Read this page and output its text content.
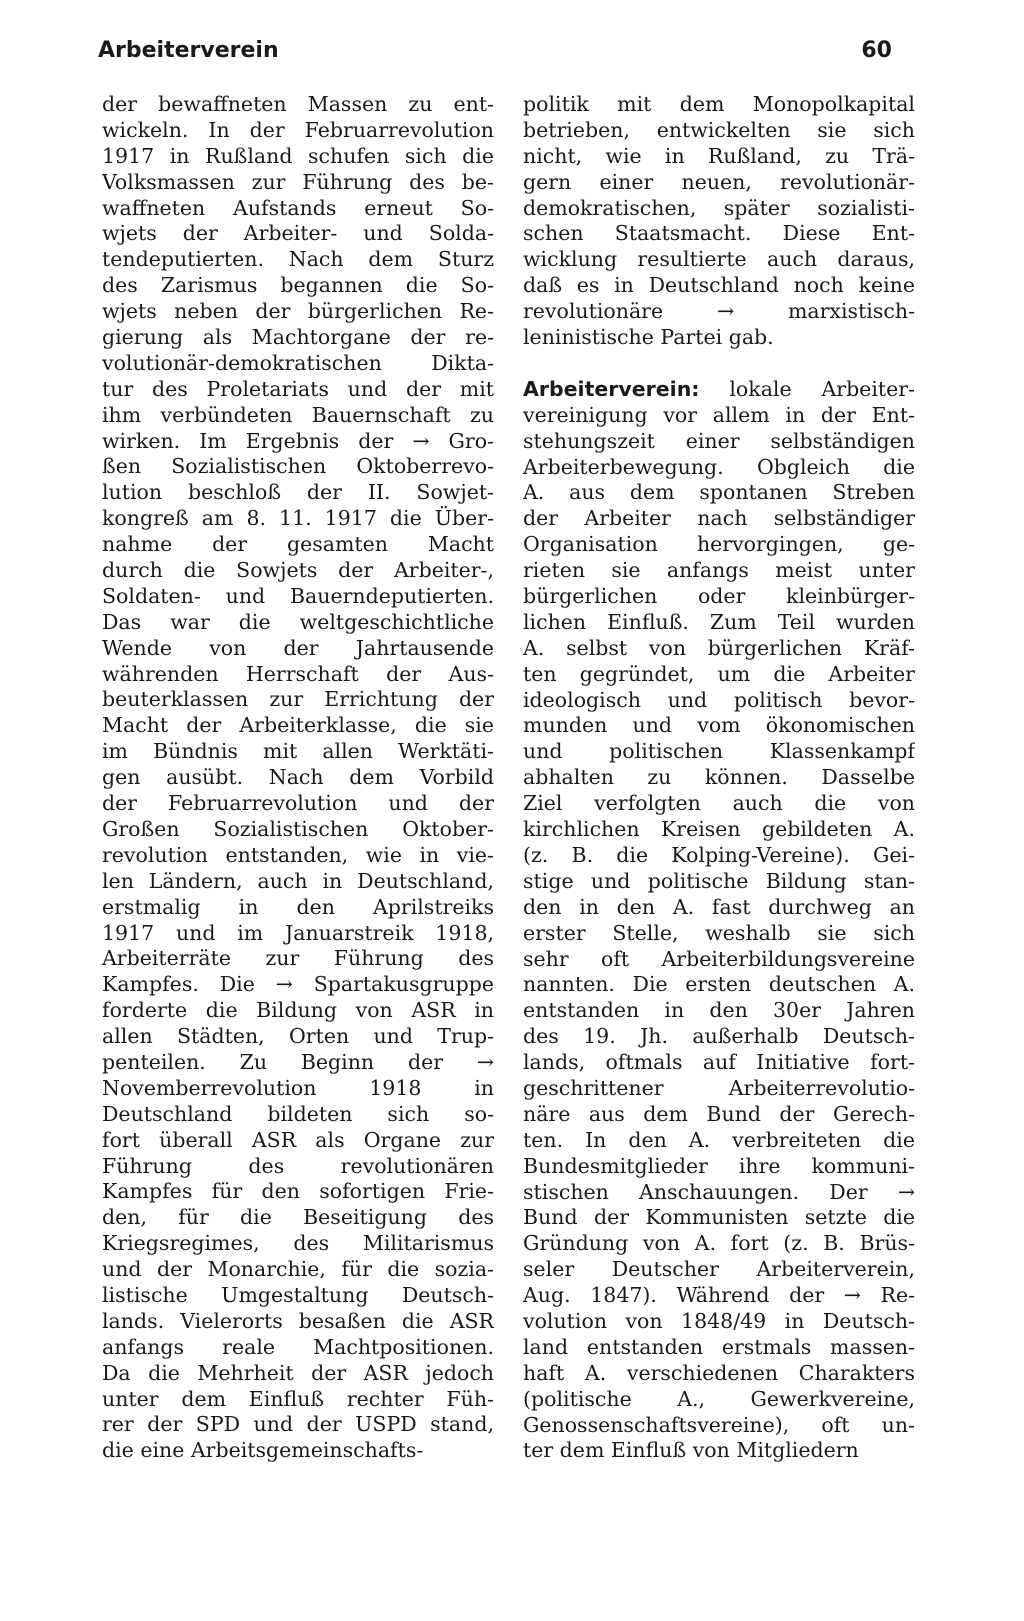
Arbeiterverein	60
der bewaffneten Massen zu ent-
wickeln. In der Februarrevolution
1917 in Rußland schufen sich die
Volksmassen zur Führung des be-
waffneten Aufstands erneut So-
wjets der Arbeiter- und Solda-
tendeputierten. Nach dem Sturz
des Zarismus begannen die So-
wjets neben der bürgerlichen Re-
gierung als Machtorgane der re-
volutionär-demokratischen Dikta-
tur des Proletariats und der mit
ihm verbündeten Bauernschaft zu
wirken. Im Ergebnis der → Gro-
ßen Sozialistischen Oktoberrevo-
lution beschloß der II. Sowjet-
kongreß am 8. 11. 1917 die Über-
nahme der gesamten Macht
durch die Sowjets der Arbeiter-,
Soldaten- und Bauerndeputierten.
Das war die weltgeschichtliche
Wende von der Jahrtausende
währenden Herrschaft der Aus-
beuterklassen zur Errichtung der
Macht der Arbeiterklasse, die sie
im Bündnis mit allen Werktäti-
gen ausübt. Nach dem Vorbild
der Februarrevolution und der
Großen Sozialistischen Oktober-
revolution entstanden, wie in vie-
len Ländern, auch in Deutschland,
erstmalig in den Aprilstreiks
1917 und im Januarstreik 1918,
Arbeiterräte zur Führung des
Kampfes. Die → Spartakusgruppe
forderte die Bildung von ASR in
allen Städten, Orten und Trup-
penteilen. Zu Beginn der →
Novemberrevolution 1918 in
Deutschland bildeten sich so-
fort überall ASR als Organe zur
Führung des revolutionären
Kampfes für den sofortigen Frie-
den, für die Beseitigung des
Kriegsregimes, des Militarismus
und der Monarchie, für die sozia-
listische Umgestaltung Deutsch-
lands. Vielerorts besaßen die ASR
anfangs reale Machtpositionen.
Da die Mehrheit der ASR jedoch
unter dem Einfluß rechter Füh-
rer der SPD und der USPD stand,
die eine Arbeitsgemeinschafts-
politik mit dem Monopolkapital
betrieben, entwickelten sie sich
nicht, wie in Rußland, zu Trä-
gern einer neuen, revolutionär-
demokratischen, später sozialisti-
schen Staatsmacht. Diese Ent-
wicklung resultierte auch daraus,
daß es in Deutschland noch keine
revolutionäre → marxistisch-
leninistische Partei gab.
Arbeiterverein: lokale Arbeiter-
vereinigung vor allem in der Ent-
stehungszeit einer selbständigen
Arbeiterbewegung. Obgleich die
A. aus dem spontanen Streben
der Arbeiter nach selbständiger
Organisation hervorgingen, ge-
rieten sie anfangs meist unter
bürgerlichen oder kleinbürger-
lichen Einfluß. Zum Teil wurden
A. selbst von bürgerlichen Kräf-
ten gegründet, um die Arbeiter
ideologisch und politisch bevor-
munden und vom ökonomischen
und politischen Klassenkampf
abhalten zu können. Dasselbe
Ziel verfolgten auch die von
kirchlichen Kreisen gebildeten A.
(z. B. die Kolping-Vereine). Gei-
stige und politische Bildung stan-
den in den A. fast durchweg an
erster Stelle, weshalb sie sich
sehr oft Arbeiterbildungsvereine
nannten. Die ersten deutschen A.
entstanden in den 30er Jahren
des 19. Jh. außerhalb Deutsch-
lands, oftmals auf Initiative fort-
geschrittener Arbeiterrevolutio-
näre aus dem Bund der Gerech-
ten. In den A. verbreiteten die
Bundesmitglieder ihre kommuni-
stischen Anschauungen. Der →
Bund der Kommunisten setzte die
Gründung von A. fort (z. B. Brüs-
seler Deutscher Arbeiterverein,
Aug. 1847). Während der → Re-
volution von 1848/49 in Deutsch-
land entstanden erstmals massen-
haft A. verschiedenen Charakters
(politische A., Gewerkvereine,
Genossenschaftsvereine), oft un-
ter dem Einfluß von Mitgliedern
